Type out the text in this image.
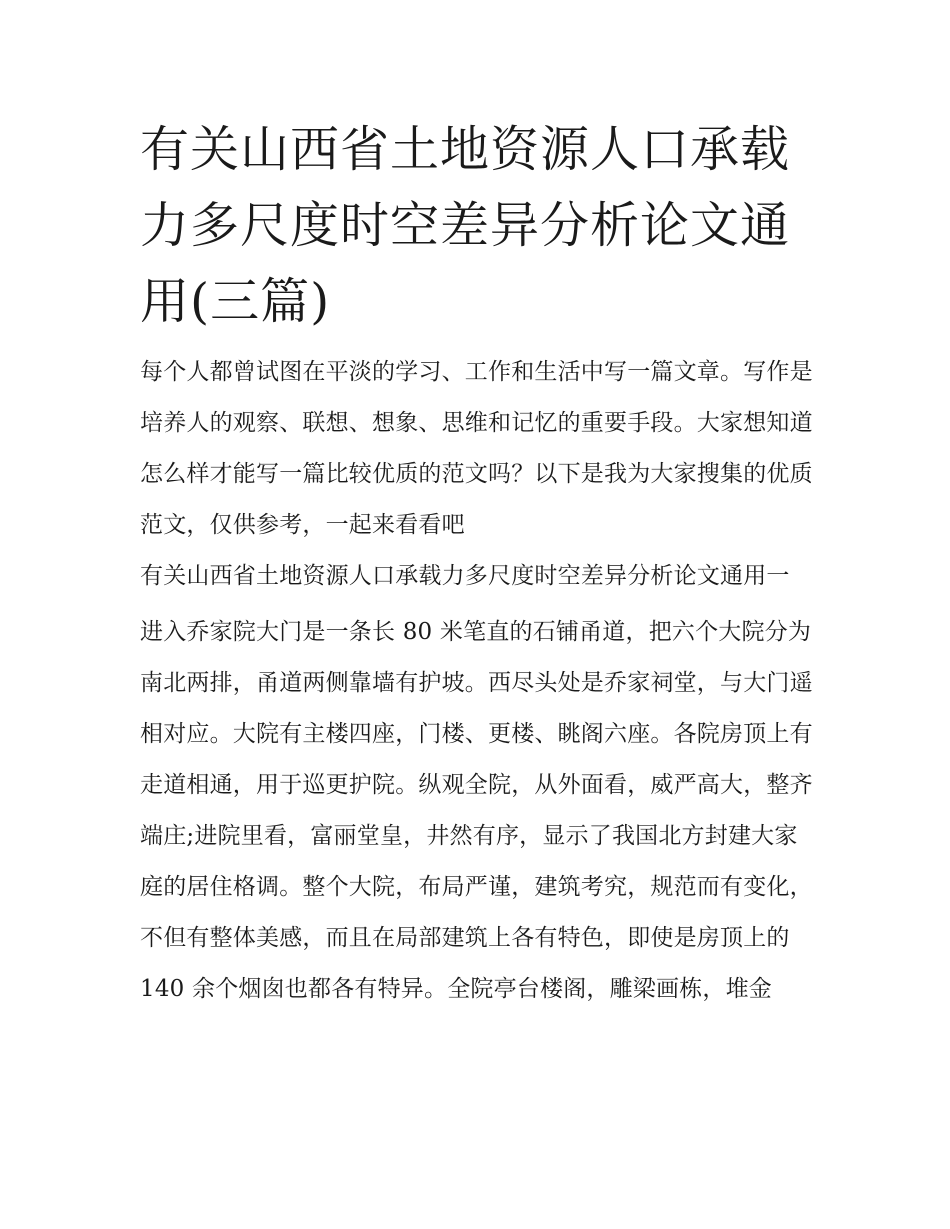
有关山西省土地资源人口承载力多尺度时空差异分析论文通用(三篇)

每个人都曾试图在平淡的学习、工作和生活中写一篇文章。写作是培养人的观察、联想、想象、思维和记忆的重要手段。大家想知道怎么样才能写一篇比较优质的范文吗？以下是我为大家搜集的优质范文，仅供参考，一起来看看吧

有关山西省土地资源人口承载力多尺度时空差异分析论文通用一

进入乔家院大门是一条长 80 米笔直的石铺甬道，把六个大院分为南北两排，甬道两侧靠墙有护坡。西尽头处是乔家祠堂，与大门遥相对应。大院有主楼四座，门楼、更楼、眺阁六座。各院房顶上有走道相通，用于巡更护院。纵观全院，从外面看，威严高大，整齐端庄;进院里看，富丽堂皇，井然有序，显示了我国北方封建大家庭的居住格调。整个大院，布局严谨，建筑考究，规范而有变化，不但有整体美感，而且在局部建筑上各有特色，即使是房顶上的

140 余个烟囱也都各有特异。全院亭台楼阁，雕梁画栋，堆金
